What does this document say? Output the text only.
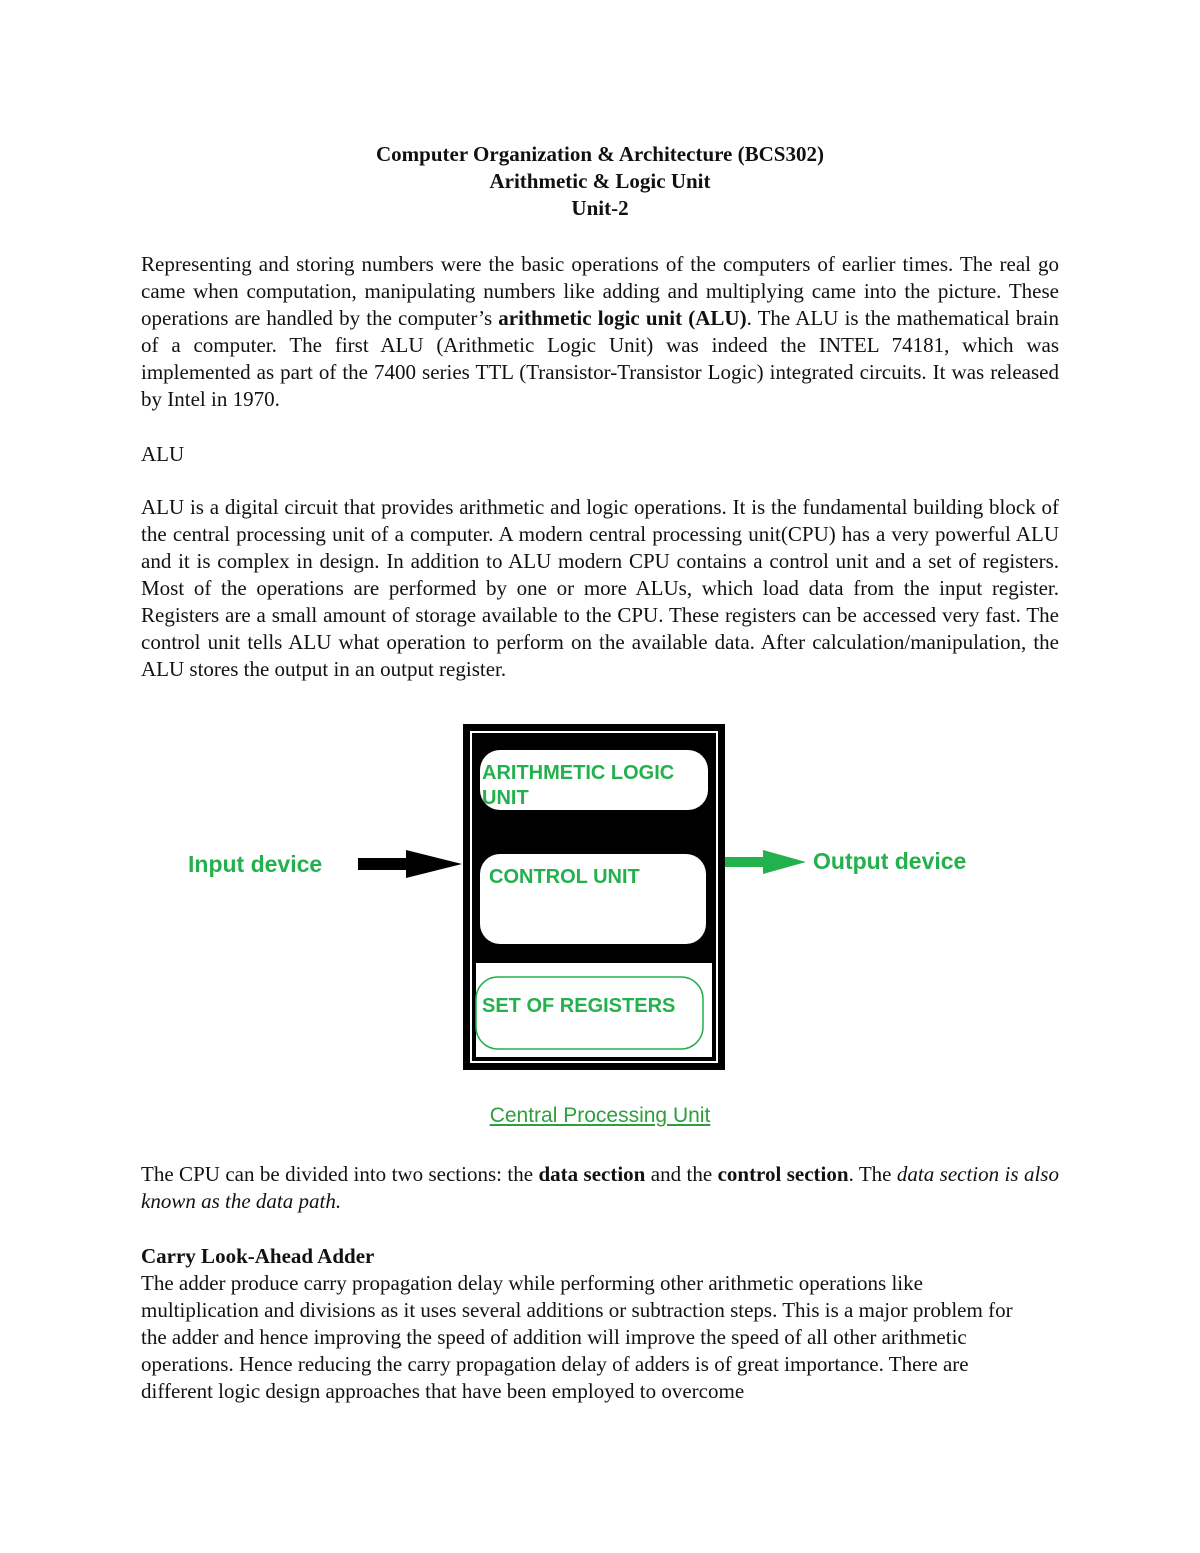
Computer Organization & Architecture (BCS302)
Arithmetic & Logic Unit
Unit-2

Representing and storing numbers were the basic operations of the computers of earlier times. The real go came when computation, manipulating numbers like adding and multiplying came into the picture. These operations are handled by the computer’s arithmetic logic unit (ALU). The ALU is the mathematical brain of a computer. The first ALU (Arithmetic Logic Unit) was indeed the INTEL 74181, which was implemented as part of the 7400 series TTL (Transistor-Transistor Logic) integrated circuits. It was released by Intel in 1970.

ALU

ALU is a digital circuit that provides arithmetic and logic operations. It is the fundamental building block of the central processing unit of a computer. A modern central processing unit(CPU) has a very powerful ALU and it is complex in design. In addition to ALU modern CPU contains a control unit and a set of registers. Most of the operations are performed by one or more ALUs, which load data from the input register. Registers are a small amount of storage available to the CPU. These registers can be accessed very fast. The control unit tells ALU what operation to perform on the available data. After calculation/manipulation, the ALU stores the output in an output register.

ARITHMETIC LOGIC
UNIT
CONTROL UNIT
SET OF REGISTERS
Input device	Output device
Central Processing Unit

The CPU can be divided into two sections: the data section and the control section. The data section is also known as the data path.

Carry Look-Ahead Adder

The adder produce carry propagation delay while performing other arithmetic operations like multiplication and divisions as it uses several additions or subtraction steps. This is a major problem for the adder and hence improving the speed of addition will improve the speed of all other arithmetic operations. Hence reducing the carry propagation delay of adders is of great importance. There are different logic design approaches that have been employed to overcome
